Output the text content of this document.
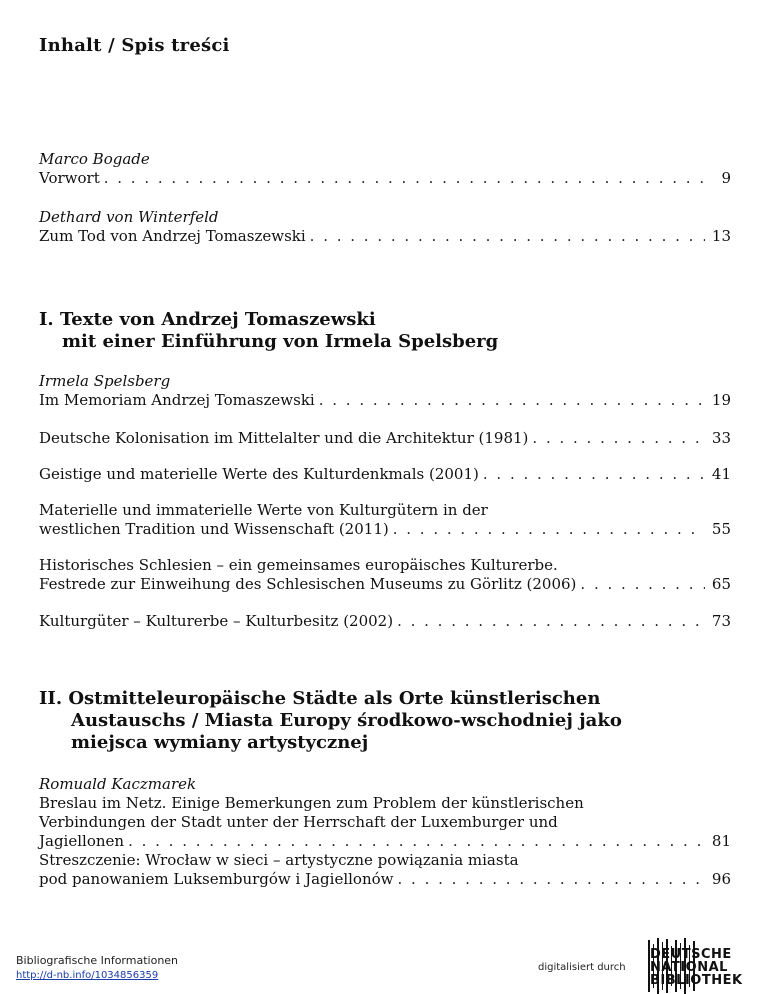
Inhalt / Spis treści
Marco Bogade
Vorwort . . .	9
Dethard von Winterfeld
Zum Tod von Andrzej Tomaszewski . . .	13
I. Texte von Andrzej Tomaszewski
mit einer Einführung von Irmela Spelsberg
Irmela Spelsberg
Im Memoriam Andrzej Tomaszewski . . .	19
Deutsche Kolonisation im Mittelalter und die Architektur (1981) . . .	33
Geistige und materielle Werte des Kulturdenkmals (2001) . . .	41
Materielle und immaterielle Werte von Kulturgütern in der
westlichen Tradition und Wissenschaft (2011) . . .	55
Historisches Schlesien – ein gemeinsames europäisches Kulturerbe.
Festrede zur Einweihung des Schlesischen Museums zu Görlitz (2006) . . .	65
Kulturgüter – Kulturerbe – Kulturbesitz (2002) . . .	73
II. Ostmitteleuropäische Städte als Orte künstlerischen
Austauschs / Miasta Europy środkowo-wschodniej jako
miejsca wymiany artystycznej
Romuald Kaczmarek
Breslau im Netz. Einige Bemerkungen zum Problem der künstlerischen
Verbindungen der Stadt unter der Herrschaft der Luxemburger und
Jagiellonen . . .	81
Streszczenie: Wrocław w sieci – artystyczne powiązania miasta
pod panowaniem Luksemburgów i Jagiellonów . . .	96
Bibliografische Informationen
http://d-nb.info/1034856359
digitalisiert durch
DEUTSCHE
NATIONAL
BIBLIOTHEK
